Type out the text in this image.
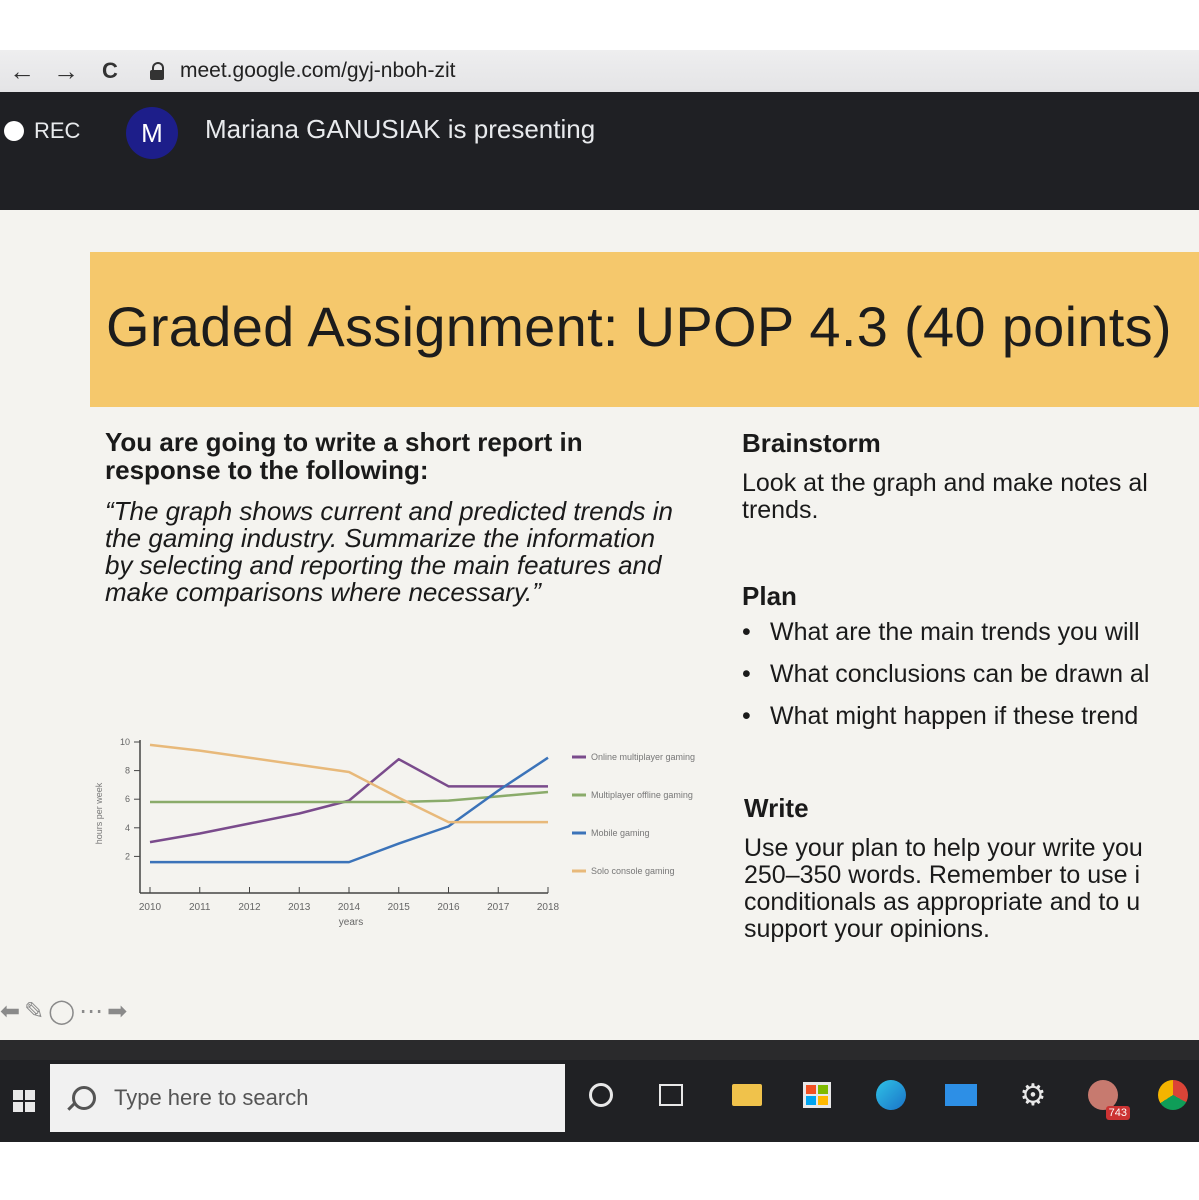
← →	C	meet.google.com/gyj-nboh-zit
REC	M	Mariana GANUSIAK is presenting
Graded Assignment: UPOP 4.3 (40 points)
You are going to write a short report in response to the following:
“The graph shows current and predicted trends in the gaming industry. Summarize the information by selecting and reporting the main features and make comparisons where necessary.”
Brainstorm
Look at the graph and make notes al
trends.
Plan
• What are the main trends you will
• What conclusions can be drawn al
• What might happen if these trend
Write
Use your plan to help your write you
250–350 words. Remember to use i
conditionals as appropriate and to u
support your opinions.
2
4
6
8
10
2010	2011	2012	2013	2014	2015	2016	2017	2018
years
hours per week
Online multiplayer gaming
Multiplayer offline gaming
Mobile gaming
Solo console gaming
⬅ ✎ ◯ ⋯ ➡
Type here to search	⚙
743
